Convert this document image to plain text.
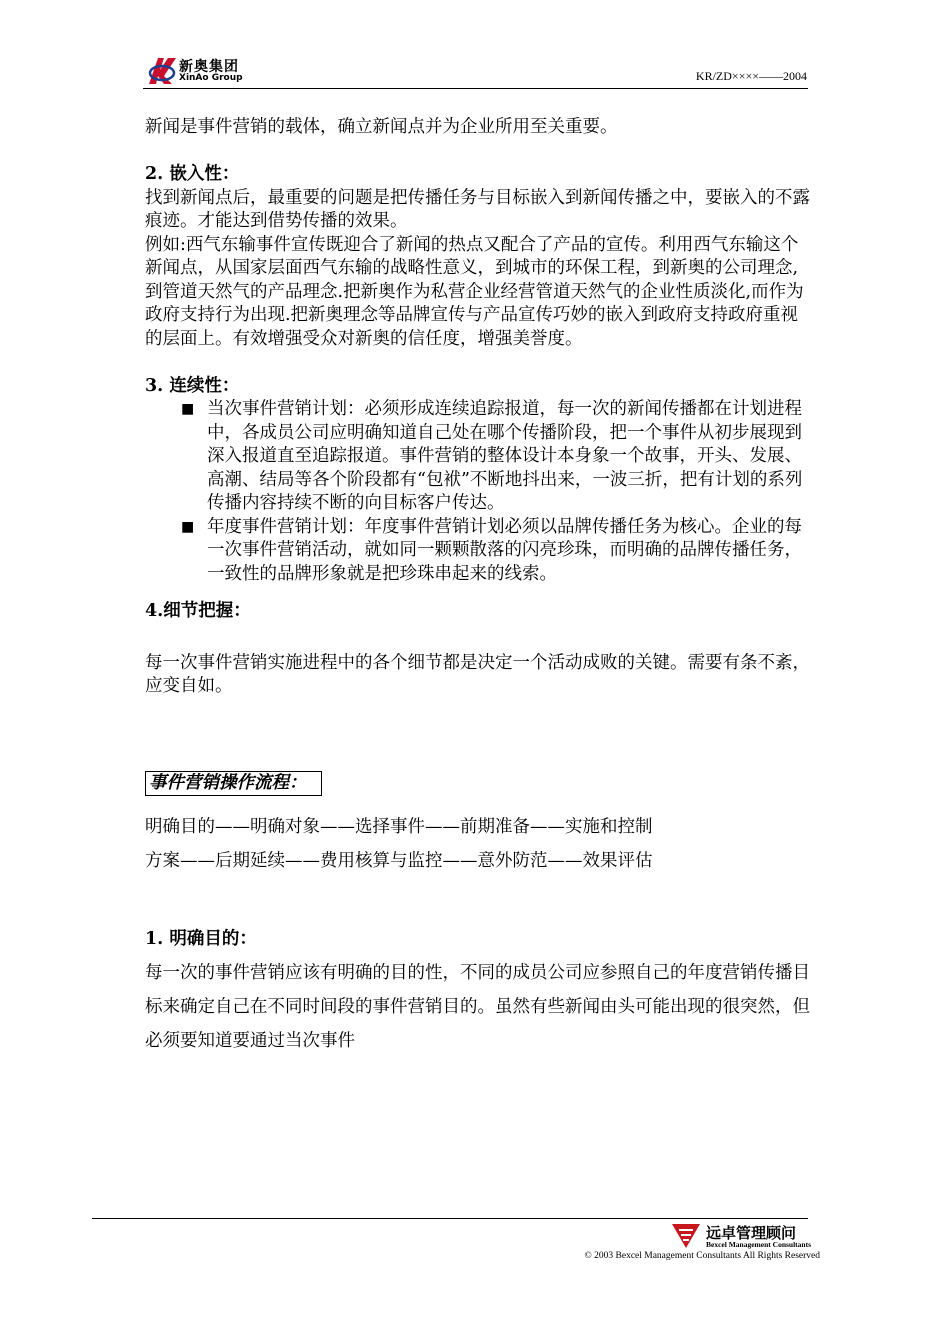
新奥集团
XinAo Group	KR/ZD××××——2004

新闻是事件营销的载体，确立新闻点并为企业所用至关重要。

2. 嵌入性：

找到新闻点后，最重要的问题是把传播任务与目标嵌入到新闻传播之中，要嵌入的不露痕迹。才能达到借势传播的效果。

例如:西气东输事件宣传既迎合了新闻的热点又配合了产品的宣传。利用西气东输这个新闻点，从国家层面西气东输的战略性意义，到城市的环保工程，到新奥的公司理念,到管道天然气的产品理念.把新奥作为私营企业经营管道天然气的企业性质淡化,而作为政府支持行为出现.把新奥理念等品牌宣传与产品宣传巧妙的嵌入到政府支持政府重视的层面上。有效增强受众对新奥的信任度，增强美誉度。

3. 连续性：

■ 当次事件营销计划：必须形成连续追踪报道，每一次的新闻传播都在计划进程中，各成员公司应明确知道自己处在哪个传播阶段，把一个事件从初步展现到深入报道直至追踪报道。事件营销的整体设计本身象一个故事，开头、发展、高潮、结局等各个阶段都有“包袱”不断地抖出来，一波三折，把有计划的系列传播内容持续不断的向目标客户传达。
■ 年度事件营销计划：年度事件营销计划必须以品牌传播任务为核心。企业的每一次事件营销活动，就如同一颗颗散落的闪亮珍珠，而明确的品牌传播任务，一致性的品牌形象就是把珍珠串起来的线索。

4.细节把握：

每一次事件营销实施进程中的各个细节都是决定一个活动成败的关键。需要有条不紊，应变自如。

事件营销操作流程：

明确目的——明确对象——选择事件——前期准备——实施和控制

方案——后期延续——费用核算与监控——意外防范——效果评估

1. 明确目的：

每一次的事件营销应该有明确的目的性，不同的成员公司应参照自己的年度营销传播目标来确定自己在不同时间段的事件营销目的。虽然有些新闻由头可能出现的很突然，但必须要知道要通过当次事件

远卓管理顾问
Bexcel Management Consultants
© 2003 Bexcel Management Consultants All Rights Reserved
